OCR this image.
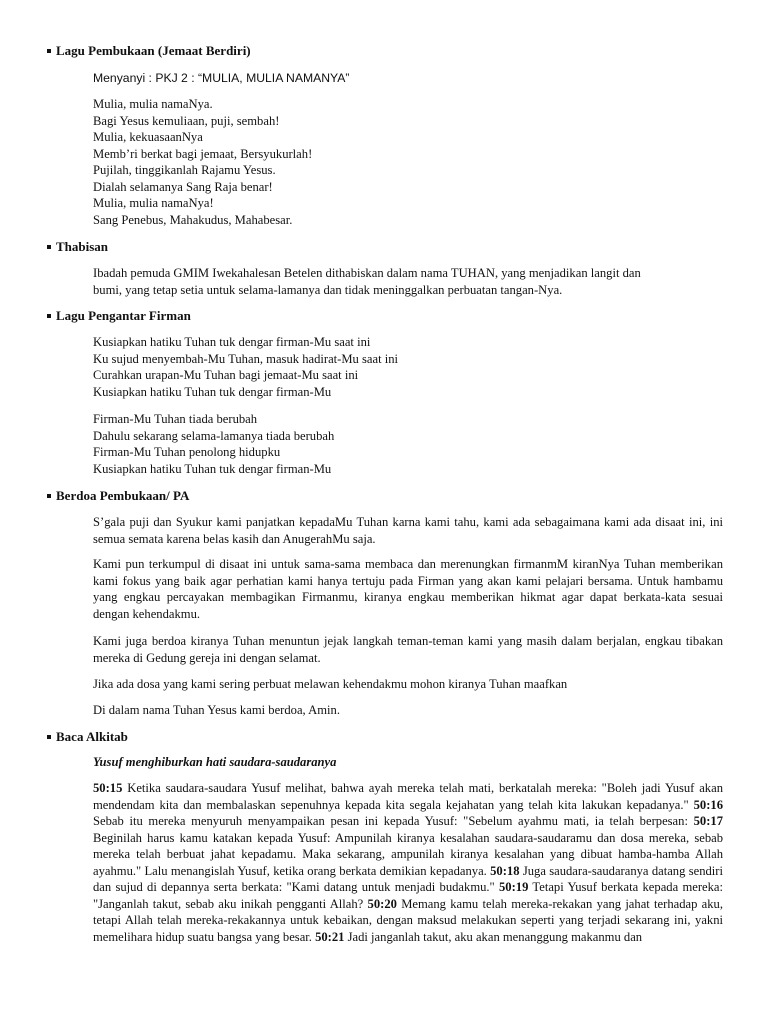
Lagu Pembukaan (Jemaat Berdiri)
Menyanyi : PKJ 2 : “MULIA, MULIA NAMANYA”
Mulia, mulia namaNya.
Bagi Yesus kemuliaan, puji, sembah!
Mulia, kekuasaanNya
Memb’ri berkat bagi jemaat, Bersyukurlah!
Pujilah, tinggikanlah Rajamu Yesus.
Dialah selamanya Sang Raja benar!
Mulia, mulia namaNya!
Sang Penebus, Mahakudus, Mahabesar.
Thabisan
Ibadah pemuda GMIM Iwekahalesan Betelen dithabiskan dalam nama TUHAN, yang menjadikan langit dan
bumi, yang tetap setia untuk selama-lamanya dan tidak meninggalkan perbuatan tangan-Nya.
Lagu Pengantar Firman
Kusiapkan hatiku Tuhan tuk dengar firman-Mu saat ini
Ku sujud menyembah-Mu Tuhan, masuk hadirat-Mu saat ini
Curahkan urapan-Mu Tuhan bagi jemaat-Mu saat ini
Kusiapkan hatiku Tuhan tuk dengar firman-Mu
Firman-Mu Tuhan tiada berubah
Dahulu sekarang selama-lamanya tiada berubah
Firman-Mu Tuhan penolong hidupku
Kusiapkan hatiku Tuhan tuk dengar firman-Mu
Berdoa Pembukaan/ PA

S’gala puji dan Syukur kami panjatkan kepadaMu Tuhan karna kami tahu, kami ada sebagaimana kami ada disaat ini, ini semua semata karena belas kasih dan AnugerahMu saja.

Kami pun terkumpul di disaat ini untuk sama-sama membaca dan merenungkan firmanmM kiranNya Tuhan memberikan kami fokus yang baik agar perhatian kami hanya tertuju pada Firman yang akan kami pelajari bersama. Untuk hambamu yang engkau percayakan membagikan Firmanmu, kiranya engkau memberikan hikmat agar dapat berkata-kata sesuai dengan kehendakmu.

Kami juga berdoa kiranya Tuhan menuntun jejak langkah teman-teman kami yang masih dalam berjalan, engkau tibakan mereka di Gedung gereja ini dengan selamat.

Jika ada dosa yang kami sering perbuat melawan kehendakmu mohon kiranya Tuhan maafkan

Di dalam nama Tuhan Yesus kami berdoa, Amin.

Baca Alkitab
Yusuf menghiburkan hati saudara-saudaranya

50:15 Ketika saudara-saudara Yusuf melihat, bahwa ayah mereka telah mati, berkatalah mereka: "Boleh jadi Yusuf akan mendendam kita dan membalaskan sepenuhnya kepada kita segala kejahatan yang telah kita lakukan kepadanya." 50:16 Sebab itu mereka menyuruh menyampaikan pesan ini kepada Yusuf: "Sebelum ayahmu mati, ia telah berpesan: 50:17 Beginilah harus kamu katakan kepada Yusuf: Ampunilah kiranya kesalahan saudara-saudaramu dan dosa mereka, sebab mereka telah berbuat jahat kepadamu. Maka sekarang, ampunilah kiranya kesalahan yang dibuat hamba-hamba Allah ayahmu." Lalu menangislah Yusuf, ketika orang berkata demikian kepadanya. 50:18 Juga saudara-saudaranya datang sendiri dan sujud di depannya serta berkata: "Kami datang untuk menjadi budakmu." 50:19 Tetapi Yusuf berkata kepada mereka: "Janganlah takut, sebab aku inikah pengganti Allah? 50:20 Memang kamu telah mereka-rekakan yang jahat terhadap aku, tetapi Allah telah mereka-rekakannya untuk kebaikan, dengan maksud melakukan seperti yang terjadi sekarang ini, yakni memelihara hidup suatu bangsa yang besar. 50:21 Jadi janganlah takut, aku akan menanggung makanmu dan
